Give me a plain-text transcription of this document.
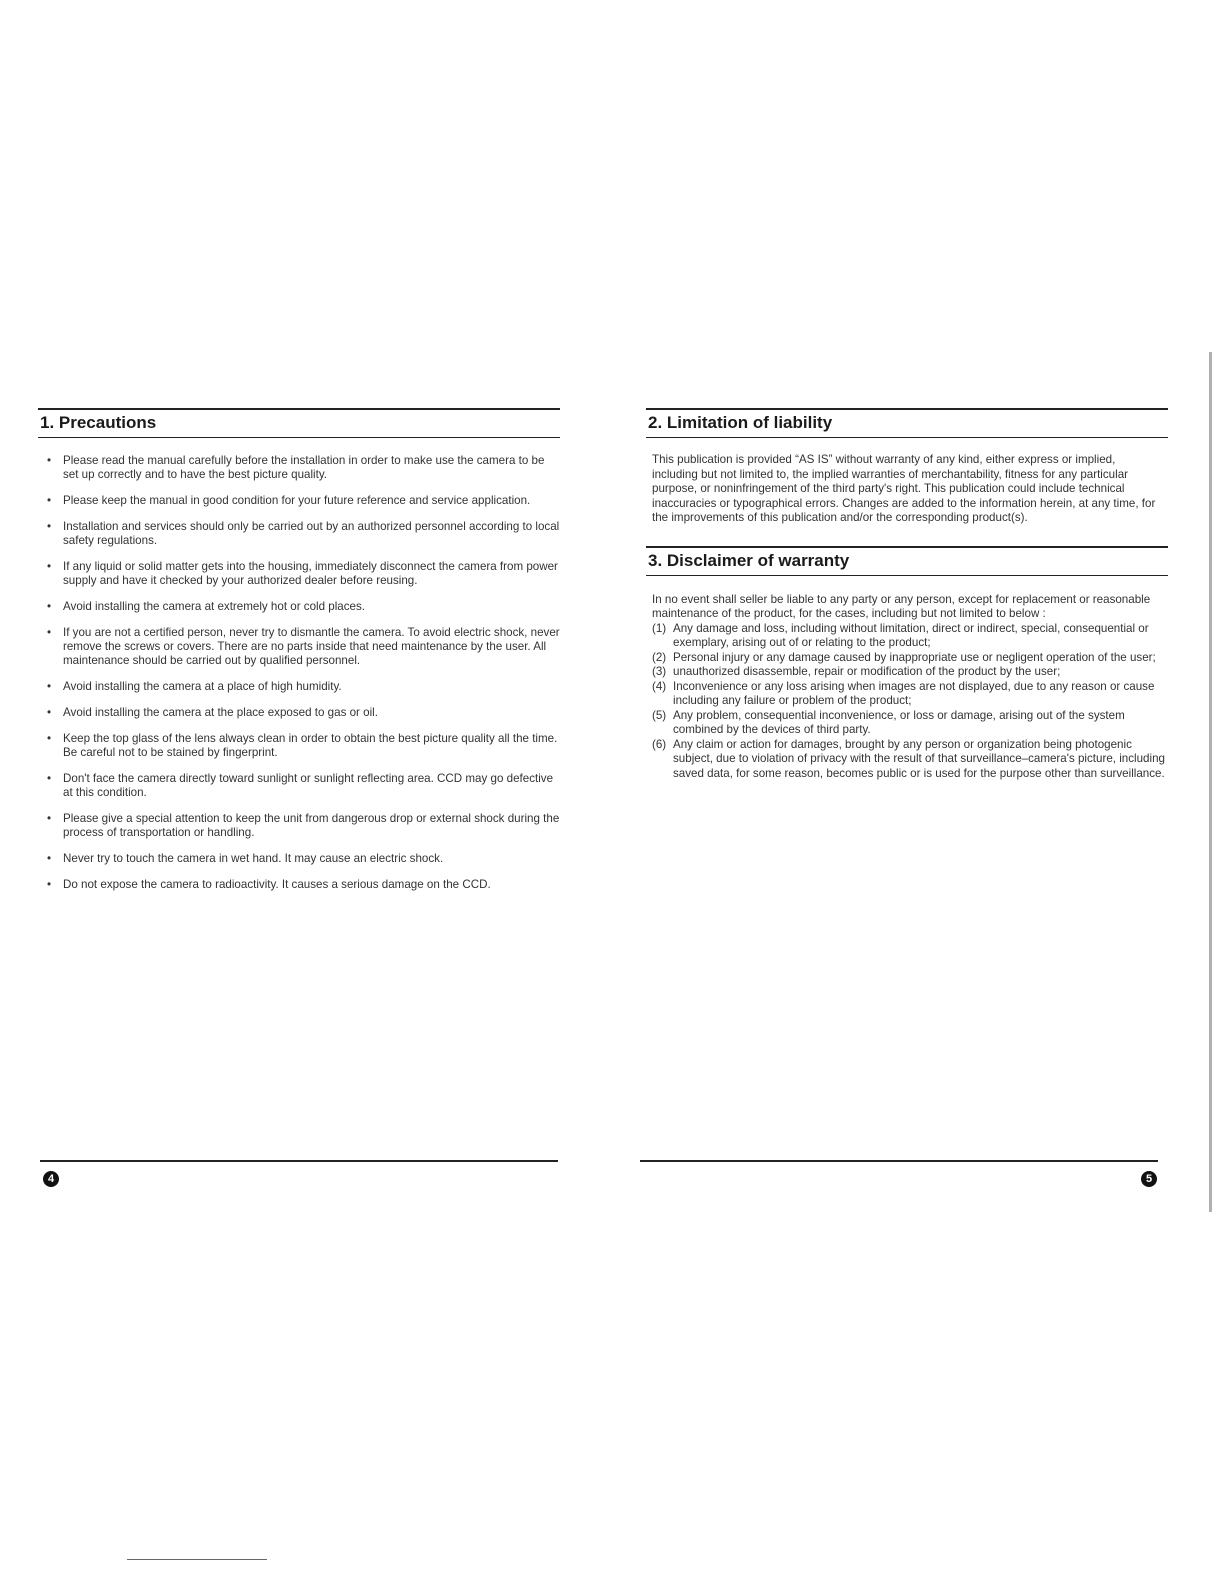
1. Precautions
• Please read the manual carefully before the installation in order to make use the camera to be set up correctly and to have the best picture quality.
• Please keep the manual in good condition for your future reference and service application.
• Installation and services should only be carried out by an authorized personnel according to local safety regulations.
• If any liquid or solid matter gets into the housing, immediately disconnect the camera from power supply and have it checked by your authorized dealer before reusing.
• Avoid installing the camera at extremely hot or cold places.
• If you are not a certified person, never try to dismantle the camera. To avoid electric shock, never remove the screws or covers. There are no parts inside that need maintenance by the user. All maintenance should be carried out by qualified personnel.
• Avoid installing the camera at a place of high humidity.
• Avoid installing the camera at the place exposed to gas or oil.
• Keep the top glass of the lens always clean in order to obtain the best picture quality all the time. Be careful not to be stained by fingerprint.
• Don't face the camera directly toward sunlight or sunlight reflecting area. CCD may go defective at this condition.
• Please give a special attention to keep the unit from dangerous drop or external shock during the process of transportation or handling.
• Never try to touch the camera in wet hand. It may cause an electric shock.
• Do not expose the camera to radioactivity. It causes a serious damage on the CCD.
2. Limitation of liability

This publication is provided “AS IS” without warranty of any kind, either express or implied, including but not limited to, the implied warranties of merchantability, fitness for any particular purpose, or noninfringement of the third party's right. This publication could include technical inaccuracies or typographical errors. Changes are added to the information herein, at any time, for the improvements of this publication and/or the corresponding product(s).

3. Disclaimer of warranty

In no event shall seller be liable to any party or any person, except for replacement or reasonable maintenance of the product, for the cases, including but not limited to below :

(1) Any damage and loss, including without limitation, direct or indirect, special, consequential or exemplary, arising out of or relating to the product;
(2) Personal injury or any damage caused by inappropriate use or negligent operation of the user;
(3) unauthorized disassemble, repair or modification of the product by the user;
(4) Inconvenience or any loss arising when images are not displayed, due to any reason or cause including any failure or problem of the product;
(5) Any problem, consequential inconvenience, or loss or damage, arising out of the system combined by the devices of third party.
(6) Any claim or action for damages, brought by any person or organization being photogenic subject, due to violation of privacy with the result of that surveillance–camera's picture, including saved data, for some reason, becomes public or is used for the purpose other than surveillance.
4	5
